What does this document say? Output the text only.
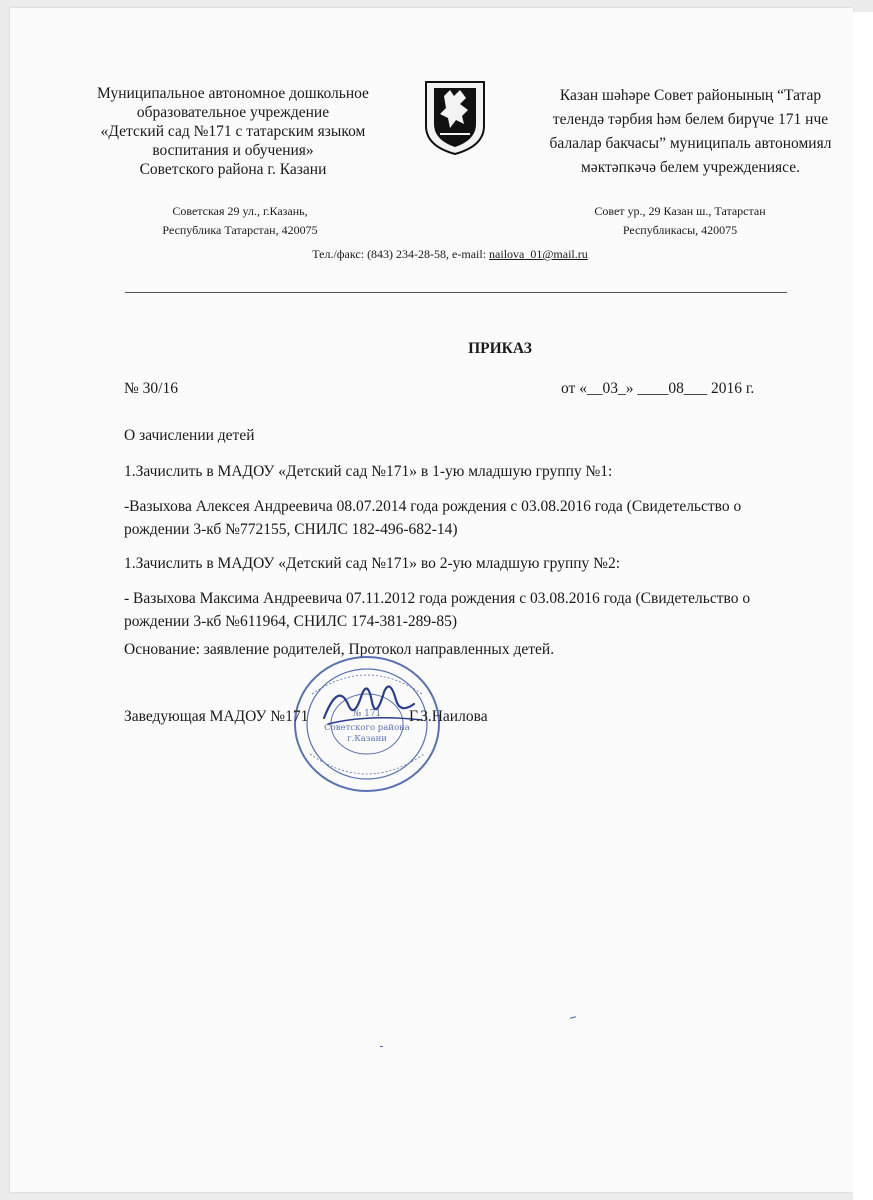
Муниципальное автономное дошкольное
образовательное учреждение
«Детский сад №171 с татарским языком
воспитания и обучения»
Советского района г. Казани
Казан шәһәре Совет районының “Татар
телендә тәрбия һәм белем бирүче 171 нче
балалар бакчасы” муниципаль автономиял
мәктәпкәчә белем учреждениясе.
Советская 29 ул., г.Казань,
Республика Татарстан, 420075
Совет ур., 29 Казан ш., Татарстан
Республикасы, 420075
Тел./факс: (843) 234-28-58, e-mail: nailova_01@mail.ru
ПРИКАЗ
№ 30/16	от «__03_» ____08___ 2016 г.
О зачислении детей
1.Зачислить в МАДОУ «Детский сад №171» в 1-ую младшую группу №1:
-Вазыхова Алексея Андреевича 08.07.2014 года рождения с 03.08.2016 года (Свидетельство о
рождении 3-кб №772155, СНИЛС 182-496-682-14)
1.Зачислить в МАДОУ «Детский сад №171» во 2-ую младшую группу №2:
- Вазыхова Максима Андреевича 07.11.2012 года рождения с 03.08.2016 года (Свидетельство о
рождении 3-кб №611964, СНИЛС 174-381-289-85)
Основание: заявление родителей, Протокол направленных детей.
№ 171
Советского района
г.Казани
Заведующая МАДОУ №171	Г.З.Наилова
